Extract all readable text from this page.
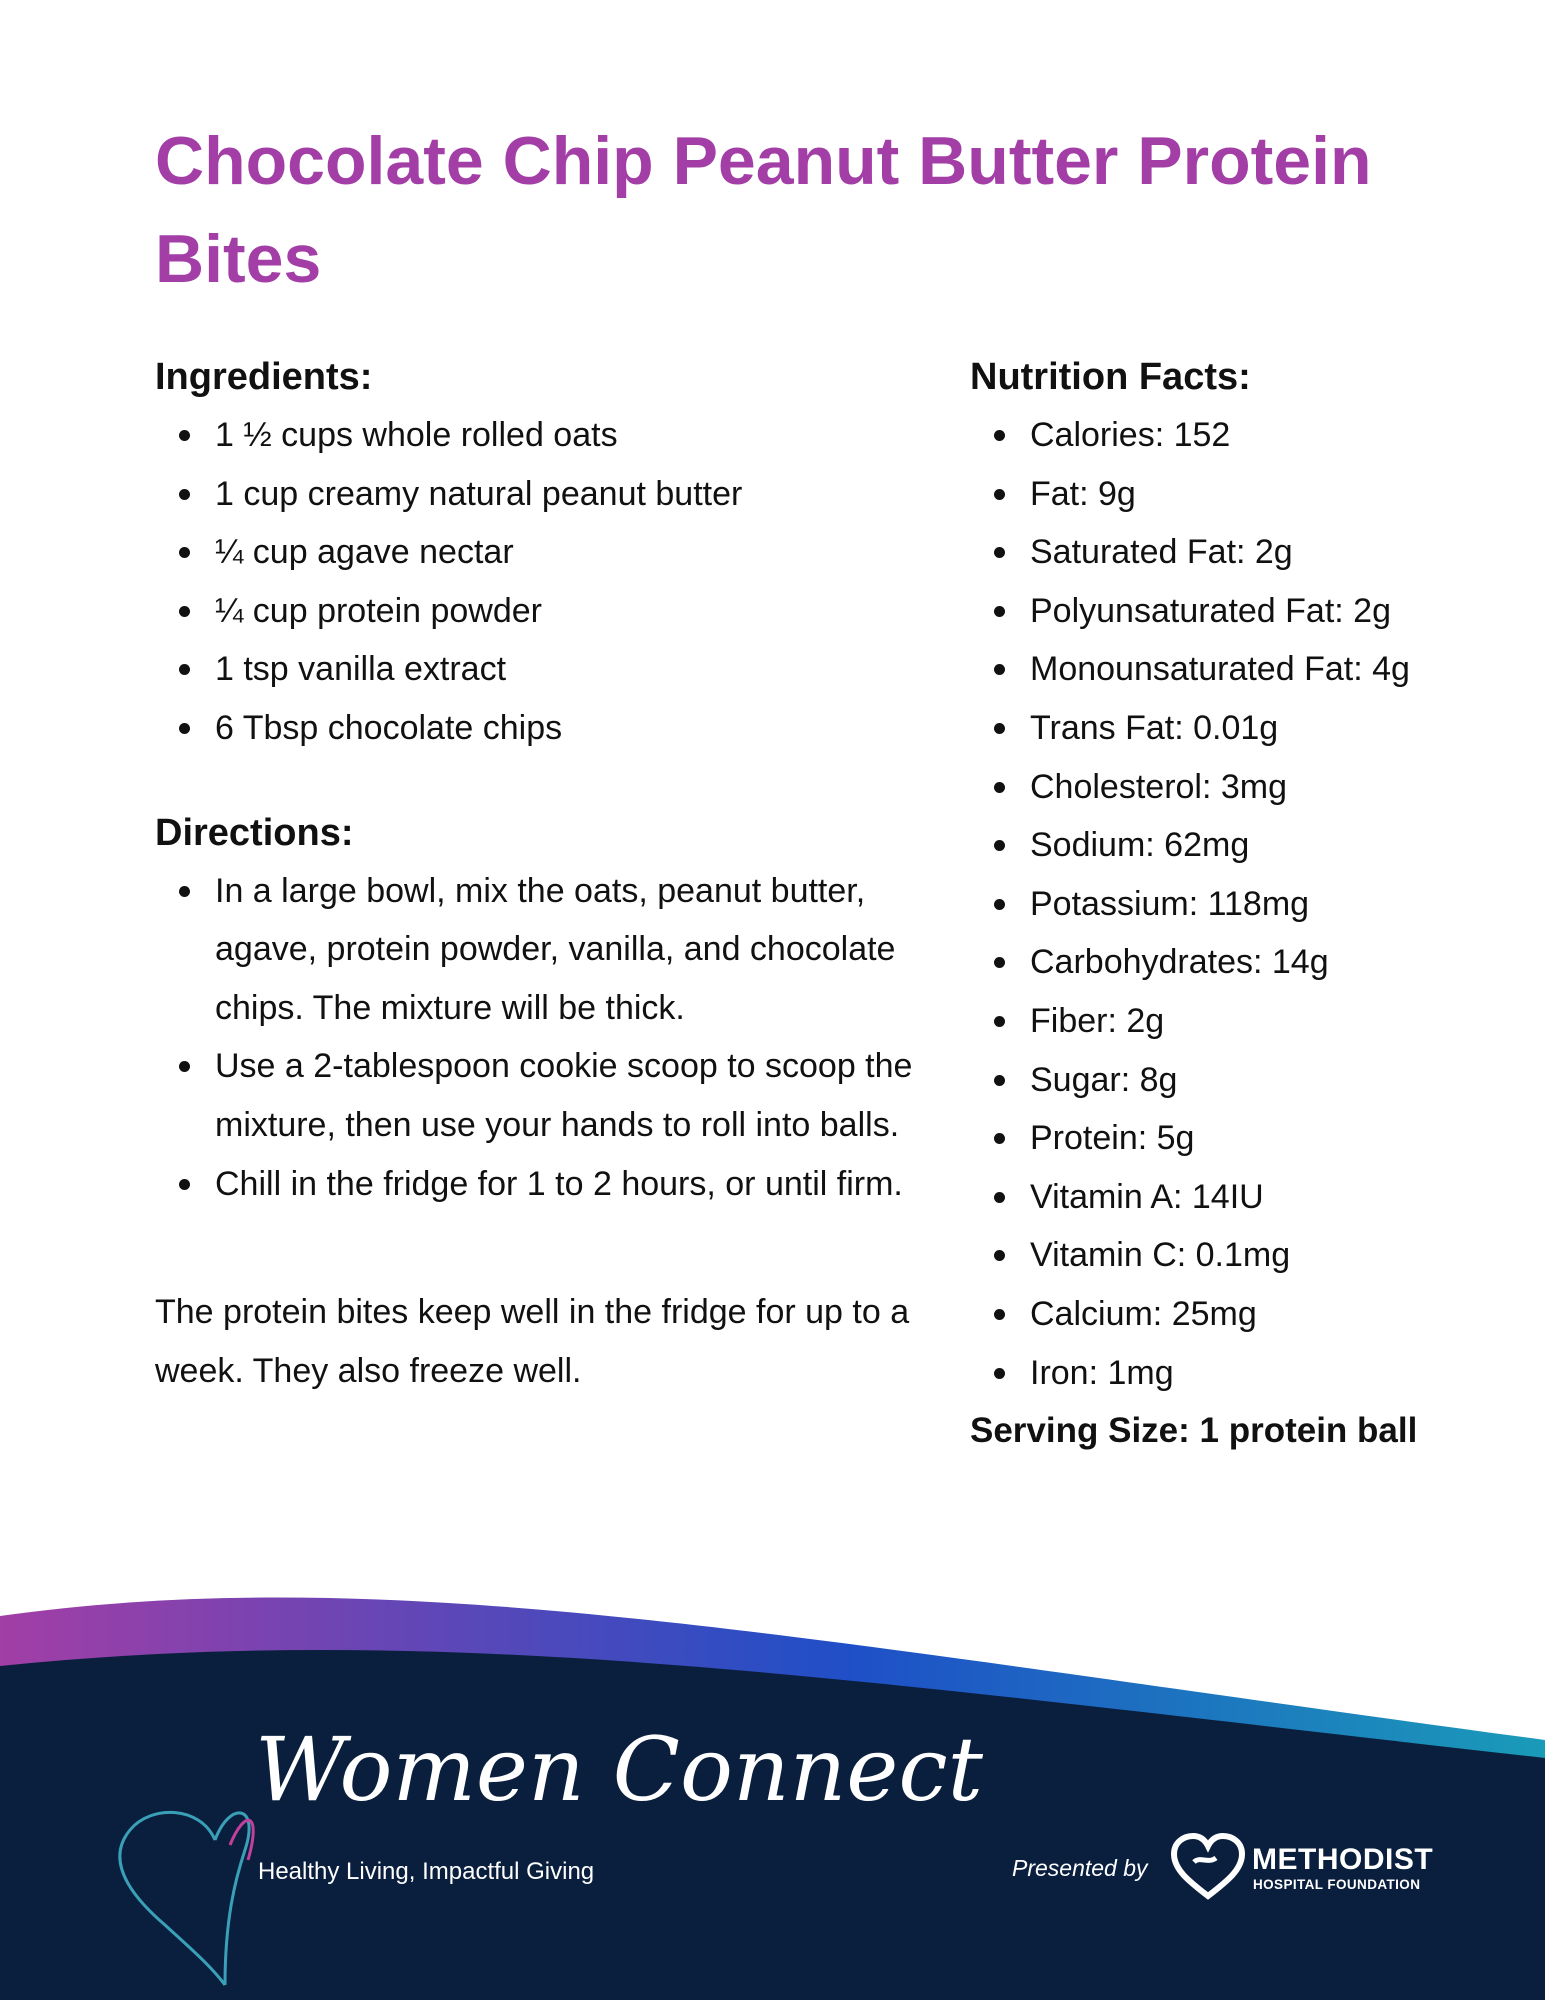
Chocolate Chip Peanut Butter Protein Bites
Ingredients:
1 ½ cups whole rolled oats
1 cup creamy natural peanut butter
¼ cup agave nectar
¼ cup protein powder
1 tsp vanilla extract
6 Tbsp chocolate chips
Directions:
In a large bowl, mix the oats, peanut butter, agave, protein powder, vanilla, and chocolate chips. The mixture will be thick.
Use a 2-tablespoon cookie scoop to scoop the mixture, then use your hands to roll into balls.
Chill in the fridge for 1 to 2 hours, or until firm.

The protein bites keep well in the fridge for up to a week. They also freeze well.

Nutrition Facts:
Calories: 152
Fat: 9g
Saturated Fat: 2g
Polyunsaturated Fat: 2g
Monounsaturated Fat: 4g
Trans Fat: 0.01g
Cholesterol: 3mg
Sodium: 62mg
Potassium: 118mg
Carbohydrates: 14g
Fiber: 2g
Sugar: 8g
Protein: 5g
Vitamin A: 14IU
Vitamin C: 0.1mg
Calcium: 25mg
Iron: 1mg

Serving Size: 1 protein ball

Women Connect
Healthy Living, Impactful Giving	Presented by	METHODIST
HOSPITAL FOUNDATION
